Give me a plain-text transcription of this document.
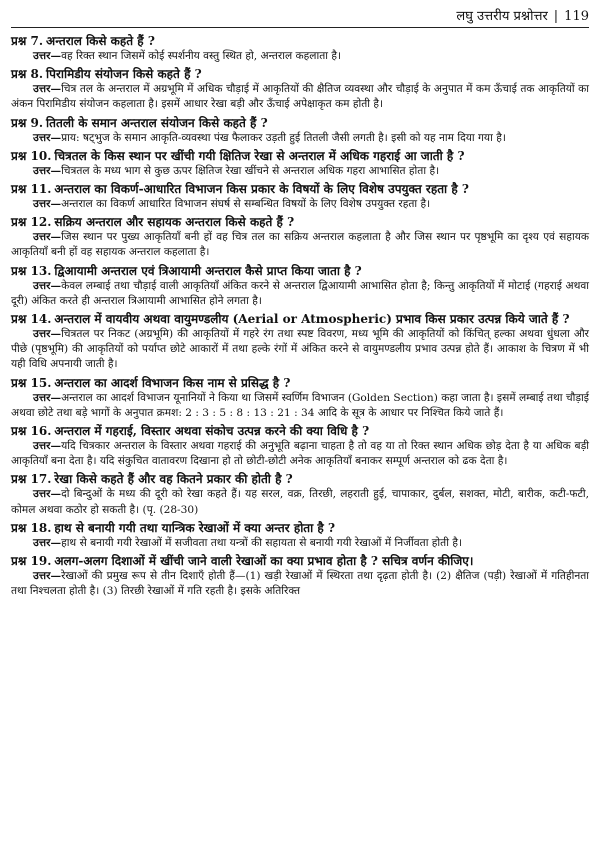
लघु उत्तरीय प्रश्नोत्तर | 119

प्रश्न 7. अन्तराल किसे कहते हैं ?

उत्तर—वह रिक्त स्थान जिसमें कोई स्पर्शनीय वस्तु स्थित हो, अन्तराल कहलाता है।

प्रश्न 8. पिरामिडीय संयोजन किसे कहते हैं ?

उत्तर—चित्र तल के अन्तराल में अग्रभूमि में अधिक चौड़ाई में आकृतियों की क्षैतिज व्यवस्था और चौड़ाई के अनुपात में कम ऊँचाई तक आकृतियों का अंकन पिरामिडीय संयोजन कहलाता है। इसमें आधार रेखा बड़ी और ऊँचाई अपेक्षाकृत कम होती है।

प्रश्न 9. तितली के समान अन्तराल संयोजन किसे कहते हैं ?

उत्तर—प्राय: षट्भुज के समान आकृति-व्यवस्था पंख फैलाकर उड़ती हुई तितली जैसी लगती है। इसी को यह नाम दिया गया है।

प्रश्न 10. चित्रतल के किस स्थान पर खींची गयी क्षितिज रेखा से अन्तराल में अधिक गहराई आ जाती है ?

उत्तर—चित्रतल के मध्य भाग से कुछ ऊपर क्षितिज रेखा खींचने से अन्तराल अधिक गहरा आभासित होता है।

प्रश्न 11. अन्तराल का विकर्ण-आधारित विभाजन किस प्रकार के विषयों के लिए विशेष उपयुक्त रहता है ?

उत्तर—अन्तराल का विकर्ण आधारित विभाजन संघर्ष से सम्बन्धित विषयों के लिए विशेष उपयुक्त रहता है।

प्रश्न 12. सक्रिय अन्तराल और सहायक अन्तराल किसे कहते हैं ?

उत्तर—जिस स्थान पर पुख्य आकृतियाँ बनी हों वह चित्र तल का सक्रिय अन्तराल कहलाता है और जिस स्थान पर पृष्ठभूमि का दृश्य एवं सहायक आकृतियाँ बनी हों वह सहायक अन्तराल कहलाता है।

प्रश्न 13. द्विआयामी अन्तराल एवं त्रिआयामी अन्तराल कैसे प्राप्त किया जाता है ?

उत्तर—केवल लम्बाई तथा चौड़ाई वाली आकृतियाँ अंकित करने से अन्तराल द्विआयामी आभासित होता है; किन्तु आकृतियों में मोटाई (गहराई अथवा दूरी) अंकित करते ही अन्तराल त्रिआयामी आभासित होने लगता है।

प्रश्न 14. अन्तराल में वायवीय अथवा वायुमण्डलीय (Aerial or Atmospheric) प्रभाव किस प्रकार उत्पन्न किये जाते हैं ?

उत्तर—चित्रतल पर निकट (अग्रभूमि) की आकृतियों में गहरे रंग तथा स्पष्ट विवरण, मध्य भूमि की आकृतियों को किंचित् हल्का अथवा धुंधला और पीछे (पृष्ठभूमि) की आकृतियों को पर्याप्त छोटे आकारों में तथा हल्के रंगों में अंकित करने से वायुमण्डलीय प्रभाव उत्पन्न होते हैं। आकाश के चित्रण में भी यही विधि अपनायी जाती है।

प्रश्न 15. अन्तराल का आदर्श विभाजन किस नाम से प्रसिद्ध है ?

उत्तर—अन्तराल का आदर्श विभाजन यूनानियों ने किया था जिसमें स्वर्णिम विभाजन (Golden Section) कहा जाता है। इसमें लम्बाई तथा चौड़ाई अथवा छोटे तथा बड़े भागों के अनुपात क्रमश: 2 : 3 : 5 : 8 : 13 : 21 : 34 आदि के सूत्र के आधार पर निश्चित किये जाते हैं।

प्रश्न 16. अन्तराल में गहराई, विस्तार अथवा संकोच उत्पन्न करने की क्या विधि है ?

उत्तर—यदि चित्रकार अन्तराल के विस्तार अथवा गहराई की अनुभूति बढ़ाना चाहता है तो वह या तो रिक्त स्थान अधिक छोड़ देता है या अधिक बड़ी आकृतियाँ बना देता है। यदि संकुचित वातावरण दिखाना हो तो छोटी-छोटी अनेक आकृतियाँ बनाकर सम्पूर्ण अन्तराल को ढक देता है।

प्रश्न 17. रेखा किसे कहते हैं और वह कितने प्रकार की होती है ?

उत्तर—दो बिन्दुओं के मध्य की दूरी को रेखा कहते हैं। यह सरल, वक्र, तिरछी, लहराती हुई, चापाकार, दुर्बल, सशक्त, मोटी, बारीक, कटी-फटी, कोमल अथवा कठोर हो सकती है। (पृ. (28-30)

प्रश्न 18. हाथ से बनायी गयी तथा यान्त्रिक रेखाओं में क्या अन्तर होता है ?

उत्तर—हाथ से बनायी गयी रेखाओं में सजीवता तथा यन्त्रों की सहायता से बनायी गयी रेखाओं में निर्जीवता होती है।

प्रश्न 19. अलग-अलग दिशाओं में खींची जाने वाली रेखाओं का क्या प्रभाव होता है ? सचित्र वर्णन कीजिए।

उत्तर—रेखाओं की प्रमुख रूप से तीन दिशाएँ होती हैं—(1) खड़ी रेखाओं में स्थिरता तथा दृढ़ता होती है। (2) क्षैतिज (पड़ी) रेखाओं में गतिहीनता तथा निश्चलता होती है। (3) तिरछी रेखाओं में गति रहती है। इसके अतिरिक्त
